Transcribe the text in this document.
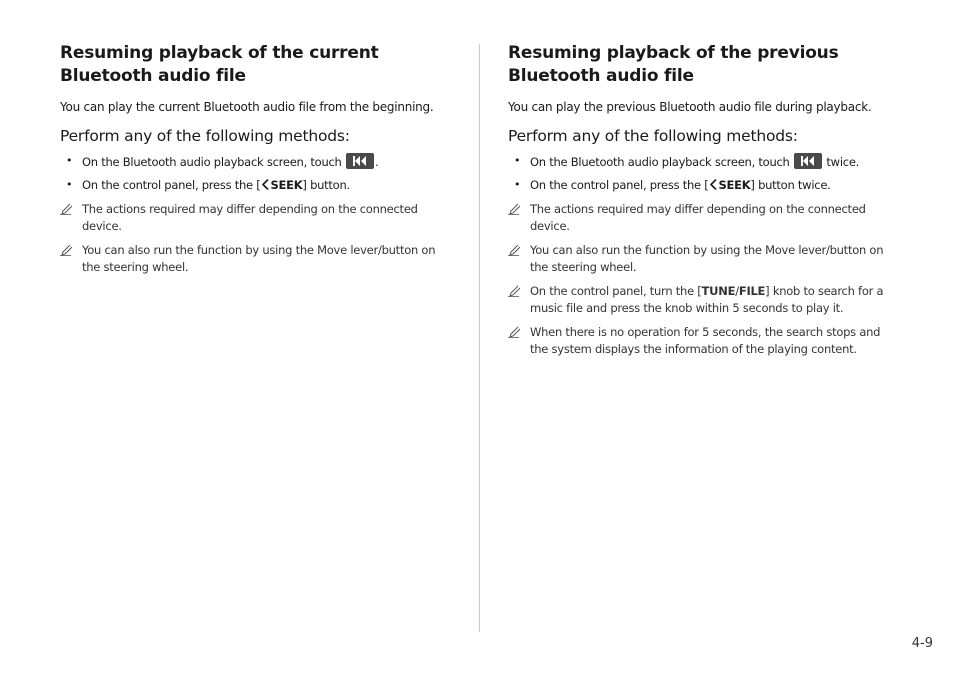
Resuming playback of the current Bluetooth audio file

You can play the current Bluetooth audio file from the beginning.

Perform any of the following methods:
• On the Bluetooth audio playback screen, touch	.
• On the control panel, press the [ SEEK] button.
The actions required may differ depending on the connected device.
You can also run the function by using the Move lever/button on the steering wheel.
Resuming playback of the previous Bluetooth audio file

You can play the previous Bluetooth audio file during playback.

Perform any of the following methods:
• On the Bluetooth audio playback screen, touch	twice.
• On the control panel, press the [ SEEK] button twice.
The actions required may differ depending on the connected device.
You can also run the function by using the Move lever/button on the steering wheel.
On the control panel, turn the [TUNE/FILE] knob to search for a music file and press the knob within 5 seconds to play it.
When there is no operation for 5 seconds, the search stops and the system displays the information of the playing content.
4-9
